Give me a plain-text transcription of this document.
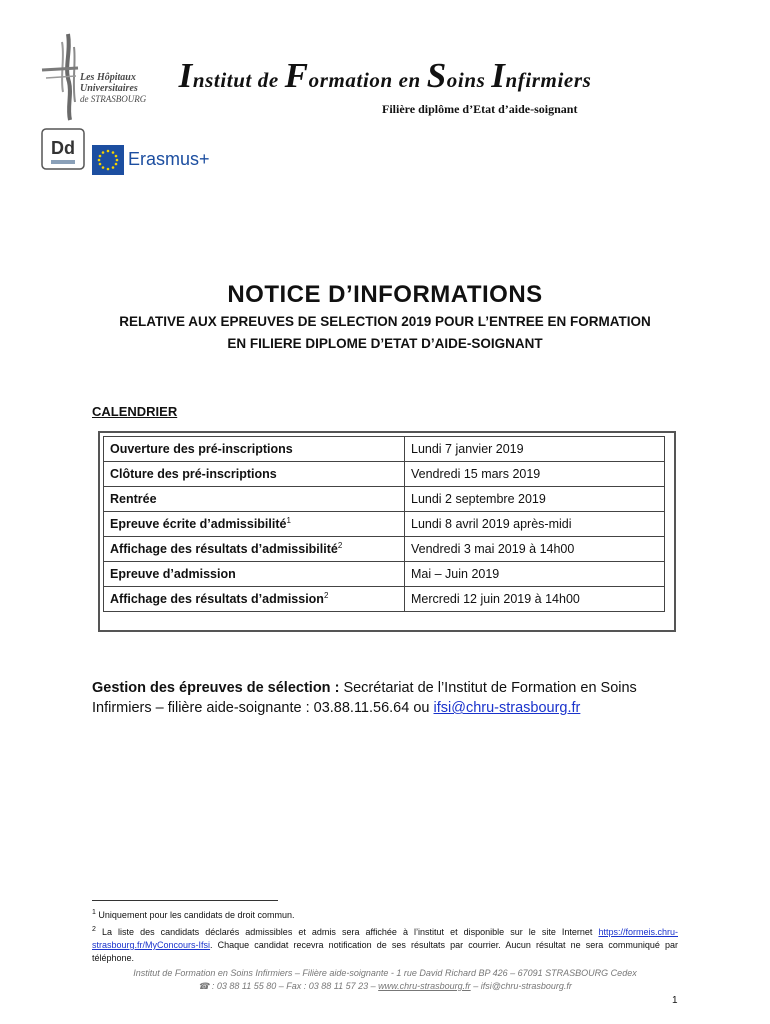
Les Hôpitaux
Universitaires
de STRASBOURG
Institut de Formation en Soins Infirmiers
Filière diplôme d’Etat d’aide-soignant
Dd
Erasmus+
NOTICE D’INFORMATIONS
RELATIVE AUX EPREUVES DE SELECTION 2019 POUR L’ENTREE EN FORMATION
EN FILIERE DIPLOME D’ETAT D’AIDE-SOIGNANT
CALENDRIER
Ouverture des pré-inscriptions	Lundi 7 janvier 2019
Clôture des pré-inscriptions	Vendredi 15 mars 2019
Rentrée	Lundi 2 septembre 2019
Epreuve écrite d’admissibilité$^1$	Lundi 8 avril 2019 après-midi
Affichage des résultats d’admissibilité$^2$	Vendredi 3 mai 2019 à 14h00
Epreuve d’admission	Mai – Juin 2019
Affichage des résultats d’admission$^2$	Mercredi 12 juin 2019 à 14h00
Gestion des épreuves de sélection : Secrétariat de l’Institut de Formation en Soins Infirmiers – filière aide-soignante : 03.88.11.56.64 ou ifsi@chru-strasbourg.fr
$^1$ Uniquement pour les candidats de droit commun.
$^2$ La liste des candidats déclarés admissibles et admis sera affichée à l’institut et disponible sur le site Internet https://formeis.chru-strasbourg.fr/MyConcours-Ifsi. Chaque candidat recevra notification de ses résultats par courrier. Aucun résultat ne sera communiqué par téléphone.
Institut de Formation en Soins Infirmiers – Filière aide-soignante - 1 rue David Richard BP 426 – 67091 STRASBOURG Cedex
☎ : 03 88 11 55 80 – Fax : 03 88 11 57 23 – www.chru-strasbourg.fr – ifsi@chru-strasbourg.fr
1
